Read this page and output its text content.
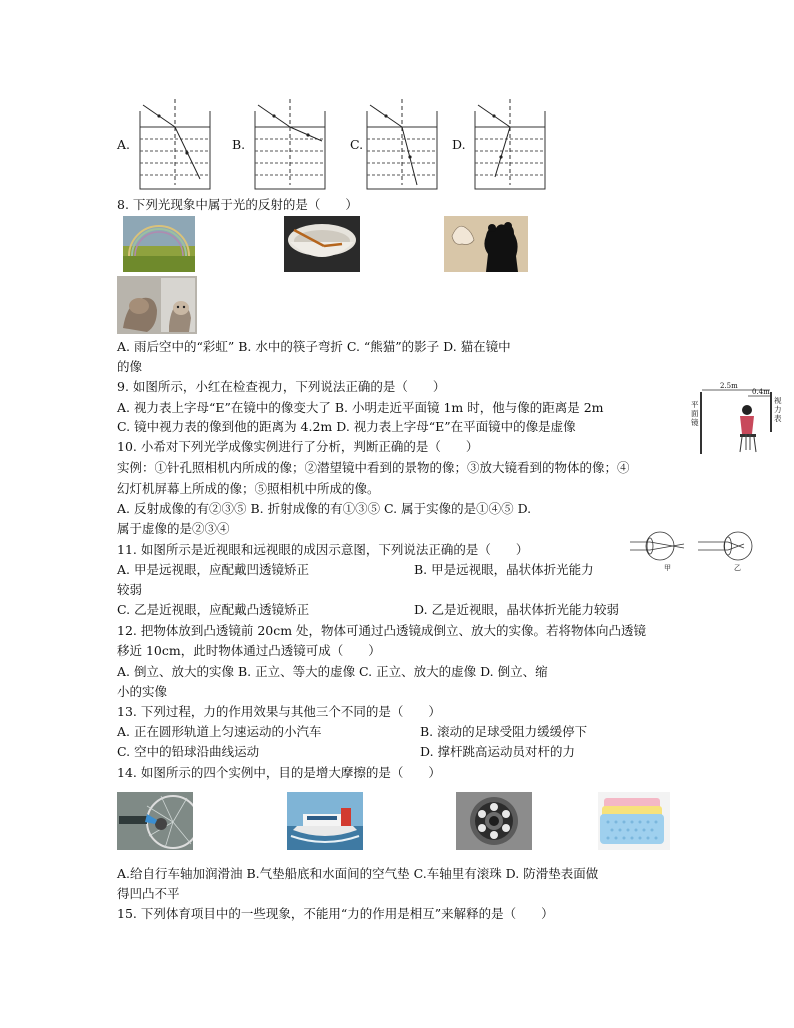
A.	B.	C.	D.
8. 下列光现象中属于光的反射的是（　　）
A. 雨后空中的“彩虹” B. 水中的筷子弯折 C. “熊猫”的影子 D. 猫在镜中
的像
9. 如图所示，小红在检查视力，下列说法正确的是（　　）
A. 视力表上字母“E”在镜中的像变大了 B. 小明走近平面镜 1m 时，他与像的距离是 2m
C. 镜中视力表的像到他的距离为 4.2m D. 视力表上字母“E”在平面镜中的像是虚像
2.5m
0.4m
平面镜
视力表
10. 小希对下列光学成像实例进行了分析，判断正确的是（　　）
实例：①针孔照相机内所成的像；②潜望镜中看到的景物的像；③放大镜看到的物体的像；④
幻灯机屏幕上所成的像；⑤照相机中所成的像。
A. 反射成像的有②③⑤ B. 折射成像的有①③⑤ C. 属于实像的是①④⑤ D.
属于虚像的是②③④
11. 如图所示是近视眼和远视眼的成因示意图，下列说法正确的是（　　）
甲	乙
A. 甲是远视眼，应配戴凹透镜矫正	B. 甲是远视眼，晶状体折光能力
较弱
C. 乙是近视眼，应配戴凸透镜矫正	D. 乙是近视眼，晶状体折光能力较弱
12. 把物体放到凸透镜前 20cm 处，物体可通过凸透镜成倒立、放大的实像。若将物体向凸透镜
移近 10cm，此时物体通过凸透镜可成（　　）
A. 倒立、放大的实像 B. 正立、等大的虚像 C. 正立、放大的虚像 D. 倒立、缩
小的实像
13. 下列过程，力的作用效果与其他三个不同的是（　　）
A. 正在圆形轨道上匀速运动的小汽车	B. 滚动的足球受阻力缓缓停下
C. 空中的铅球沿曲线运动	D. 撑杆跳高运动员对杆的力
14. 如图所示的四个实例中，目的是增大摩擦的是（　　）
A.给自行车轴加润滑油 B.气垫船底和水面间的空气垫 C.车轴里有滚珠 D. 防滑垫表面做
得凹凸不平
15. 下列体育项目中的一些现象，不能用“力的作用是相互”来解释的是（　　）
